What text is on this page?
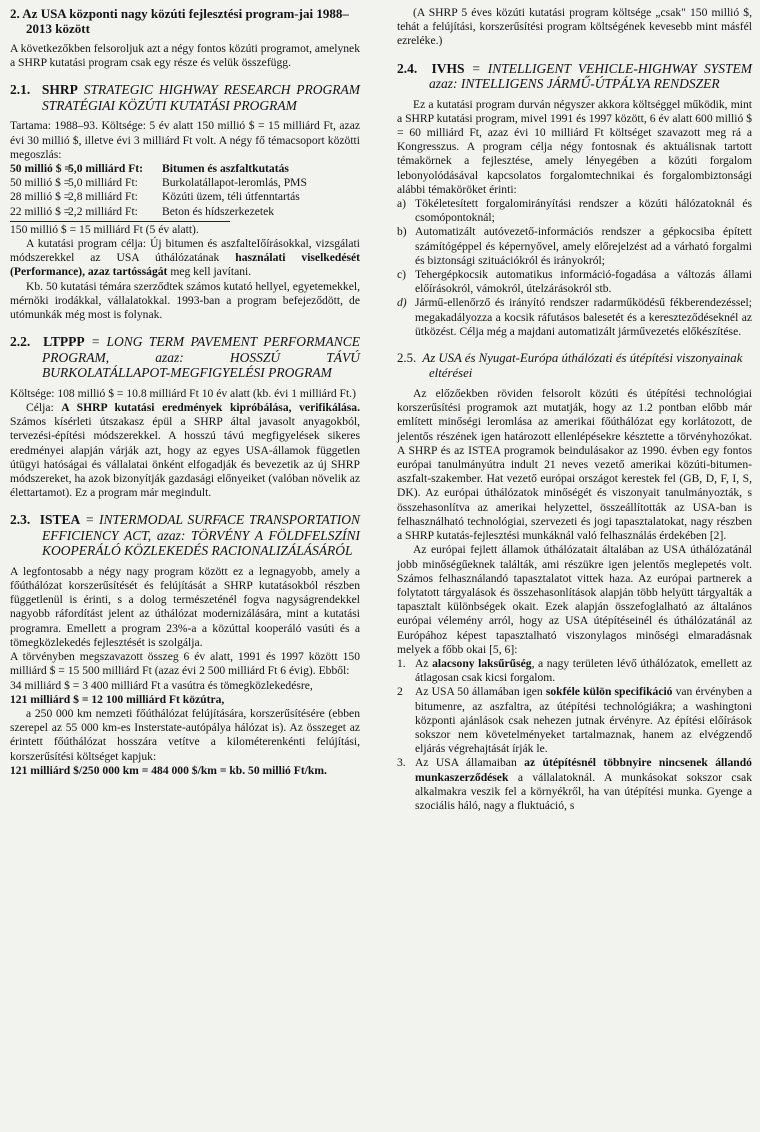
2. Az USA központi nagy közúti fejlesztési program-jai 1988–2013 között

A következőkben felsoroljuk azt a négy fontos közúti programot, amelynek a SHRP kutatási program csak egy része és velük összefügg.

2.1. SHRP STRATEGIC HIGHWAY RESEARCH PROGRAM STRATÉGIAI KÖZÚTI KUTATÁSI PROGRAM

Tartama: 1988–93. Költsége: 5 év alatt 150 millió $ = 15 milliárd Ft, azaz évi 30 millió $, illetve évi 3 milliárd Ft volt. A négy fő témacsoport közötti megoszlás:

50 millió $ =
5,0 milliárd Ft:	Bitumen és aszfaltkutatás
50 millió $ =
5,0 milliárd Ft:	Burkolatállapot-leromlás, PMS
28 millió $ =
2,8 milliárd Ft:	Közúti üzem, téli útfenntartás
22 millió $ =
2,2 milliárd Ft:	Beton és hídszerkezetek

150 millió $ = 15 milliárd Ft (5 év alatt).

A kutatási program célja: Új bitumen és aszfalteIőírásokkal, vizsgálati módszerekkel az USA úthálózatának használati viselkedését (Performance), azaz tartósságát meg kell javítani.

Kb. 50 kutatási témára szerződtek számos kutató hellyel, egyetemekkel, mérnöki irodákkal, vállalatokkal. 1993-ban a program befejeződött, de utómunkák még most is folynak.

2.2. LTPPP = LONG TERM PAVEMENT PERFORMANCE PROGRAM, azaz: HOSSZÚ TÁVÚ BURKOLATÁLLAPOT-MEGFIGYELÉSI PROGRAM

Költsége: 108 millió $ = 10.8 milliárd Ft 10 év alatt (kb. évi 1 milliárd Ft.)

Célja: A SHRP kutatási eredmények kipróbálása, verifikálása. Számos kísérleti útszakasz épül a SHRP által javasolt anyagokból, tervezési-építési módszerekkel. A hosszú távú megfigyelések sikeres eredményei alapján várják azt, hogy az egyes USA-államok független útügyi hatóságai és vállalatai önként elfogadják és bevezetik az új SHRP módszereket, ha azok bizonyítják gazdasági előnyeiket (valóban növelik az élettartamot). Ez a program már megindult.

2.3. ISTEA = INTERMODAL SURFACE TRANSPORTATION EFFICIENCY ACT, azaz: TÖRVÉNY A FÖLDFELSZÍNI KOOPERÁLÓ KÖZLEKEDÉS RACIONALIZÁLÁSÁRÓL

A legfontosabb a négy nagy program között ez a legnagyobb, amely a főúthálózat korszerűsítését és felújítását a SHRP kutatásokból részben függetlenül is érinti, s a dolog természeténél fogva nagyságrendekkel nagyobb ráfordítást jelent az úthálózat modernizálására, mint a kutatási programra. Emellett a program 23%-a a közúttal kooperáló vasúti és a tömegközlekedés fejlesztését is szolgálja.

A törvényben megszavazott összeg 6 év alatt, 1991 és 1997 között 150 milliárd $ = 15 500 milliárd Ft (azaz évi 2 500 milliárd Ft 6 évig). Ebből:

34 milliárd $ = 3 400 milliárd Ft a vasútra és tömegközlekedésre,

121 milliárd $ = 12 100 milliárd Ft közútra,

a 250 000 km nemzeti főúthálózat felújítására, korszerűsítésére (ebben szerepel az 55 000 km-es Insterstate-autópálya hálózat is). Az összeget az érintett főúthálózat hosszára vetítve a kilométerenkénti felújítási, korszerűsítési költséget kapjuk:

121 milliárd $/250 000 km = 484 000 $/km = kb. 50 millió Ft/km.

(A SHRP 5 éves közúti kutatási program költsége „csak" 150 millió $, tehát a felújítási, korszerűsítési program költségének kevesebb mint másfél ezreléke.)

2.4. IVHS = INTELLIGENT VEHICLE-HIGHWAY SYSTEM azaz: INTELLIGENS JÁRMŰ-ÚTPÁLYA RENDSZER

Ez a kutatási program durván négyszer akkora költséggel működik, mint a SHRP kutatási program, mivel 1991 és 1997 között, 6 év alatt 600 millió $ = 60 milliárd Ft, azaz évi 10 milliárd Ft költséget szavazott meg rá a Kongresszus. A program célja négy fontosnak és aktuálisnak tartott témakörnek a fejlesztése, amely lényegében a közúti forgalom lebonyolódásával kapcsolatos forgalomtechnikai és forgalombiztonsági alábbi témaköröket érinti:

a) Tökéletesített forgalomirányítási rendszer a közúti hálózatoknál és csomópontoknál;
b) Automatizált autóvezető-információs rendszer a gépkocsiba épített számítógéppel és képernyővel, amely előrejelzést ad a várható forgalmi és biztonsági szituációkról és irányokról;
c) Tehergépkocsik automatikus információ-fogadása a változás állami előírásokról, vámokról, útelzárásokról stb.
d) Jármű-ellenőrző és irányító rendszer radarműködésű fékberendezéssel; megakadályozza a kocsik ráfutásos balesetét és a kereszteződéseknél az ütközést. Célja még a majdani automatizált járművezetés előkészítése.
2.5. Az USA és Nyugat-Európa úthálózati és útépítési viszonyainak eltérései

Az előzőekben röviden felsorolt közúti és útépítési technológiai korszerűsítési programok azt mutatják, hogy az 1.2 pontban előbb már említett minőségi leromlása az amerikai főúthálózat egy korlátozott, de jelentős részének igen határozott ellenlépésekre késztette a törvényhozókat. A SHRP és az ISTEA programok beindulásakor az 1990. évben egy fontos európai tanulmányútra indult 21 neves vezető amerikai közúti-bitumen-aszfalt-szakember. Hat vezető európai országot kerestek fel (GB, D, F, I, S, DK). Az európai úthálózatok minőségét és viszonyait tanulmányozták, s összehasonlítva az amerikai helyzettel, összeállították az USA-ban is felhasználható technológiai, szervezeti és jogi tapasztalatokat, nagy részben a SHRP kutatás-fejlesztési munkáknál való felhasználás érdekében [2].

Az európai fejlett államok úthálózatait általában az USA úthálózatánál jobb minőségűeknek találták, ami részükre igen jelentős meglepetés volt. Számos felhasználandó tapasztalatot vittek haza. Az európai partnerek a folytatott tárgyalások és összehasonlítások alapján több helyütt tárgyalták a tapasztalt különbségek okait. Ezek alapján összefoglalható az általános európai vélemény arról, hogy az USA útépítéseinél és úthálózatánál az Európához képest tapasztalható viszonylagos minőségi elmaradásnak melyek a főbb okai [5, 6]:

1. Az alacsony laksűrűség, a nagy területen lévő úthálózatok, emellett az átlagosan csak kicsi forgalom.
2	Az USA 50 államában igen sokféle külön specifikáció van érvényben a bitumenre, az aszfaltra, az útépítési technológiákra; a washingtoni központi ajánlások csak nehezen jutnak érvényre. Az építési előírások sokszor nem követelményeket tartalmaznak, hanem az elvégzendő eljárás végrehajtását írják le.
3. Az USA államaiban az útépítésnél többnyire nincsenek állandó munkaszerződések a vállalatoknál. A munkásokat sokszor csak alkalmakra veszik fel a környékről, ha van útépítési munka. Gyenge a szociális háló, nagy a fluktuáció, s
